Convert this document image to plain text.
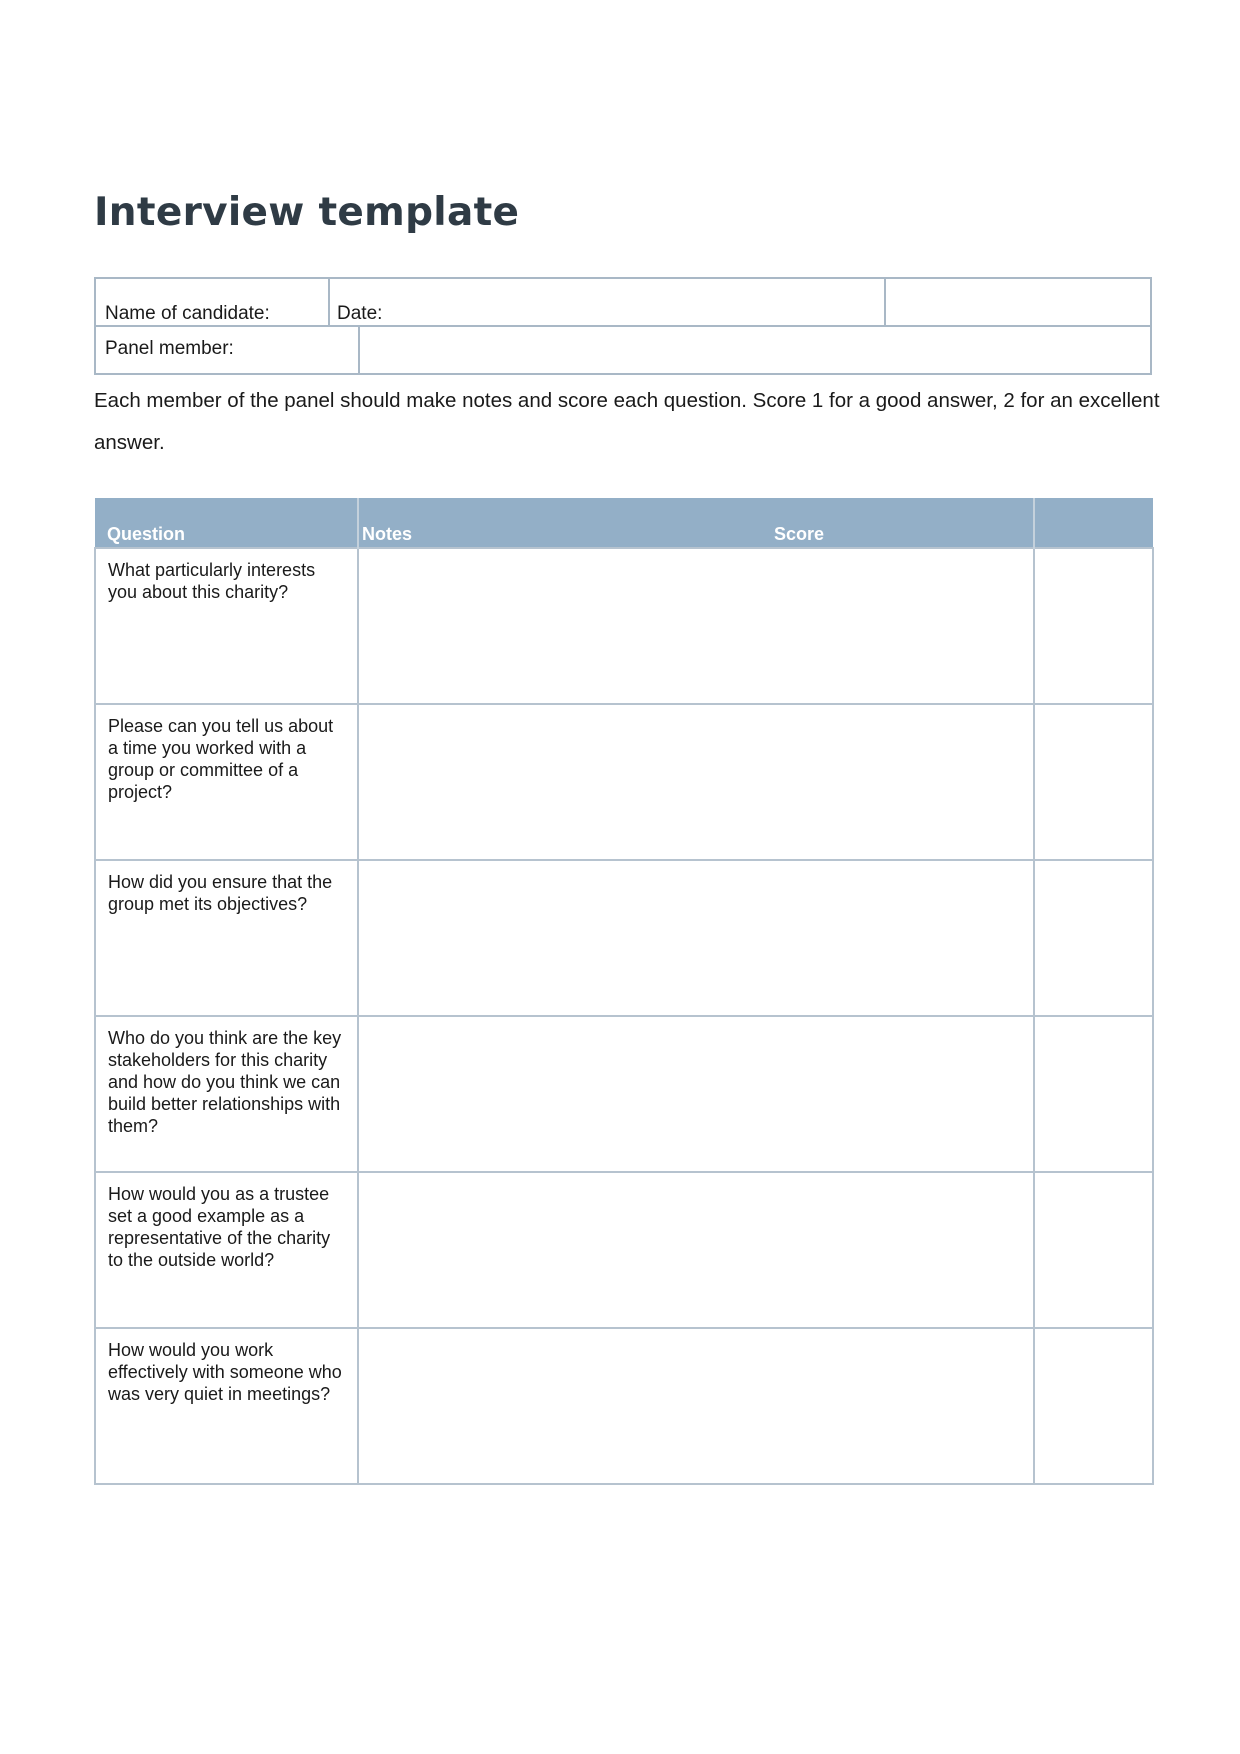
Interview template
Name of candidate:	Date:
Panel member:

Each member of the panel should make notes and score each question. Score 1 for a good answer, 2 for an excellent answer.

Question	Notes	Score	
What particularly interests you about this charity?			
Please can you tell us about a time you worked with a group or committee of a project?			
How did you ensure that the group met its objectives?			
Who do you think are the key stakeholders for this charity and how do you think we can build better relationships with them?			
How would you as a trustee set a good example as a representative of the charity to the outside world?			
How would you work effectively with someone who was very quiet in meetings?			
